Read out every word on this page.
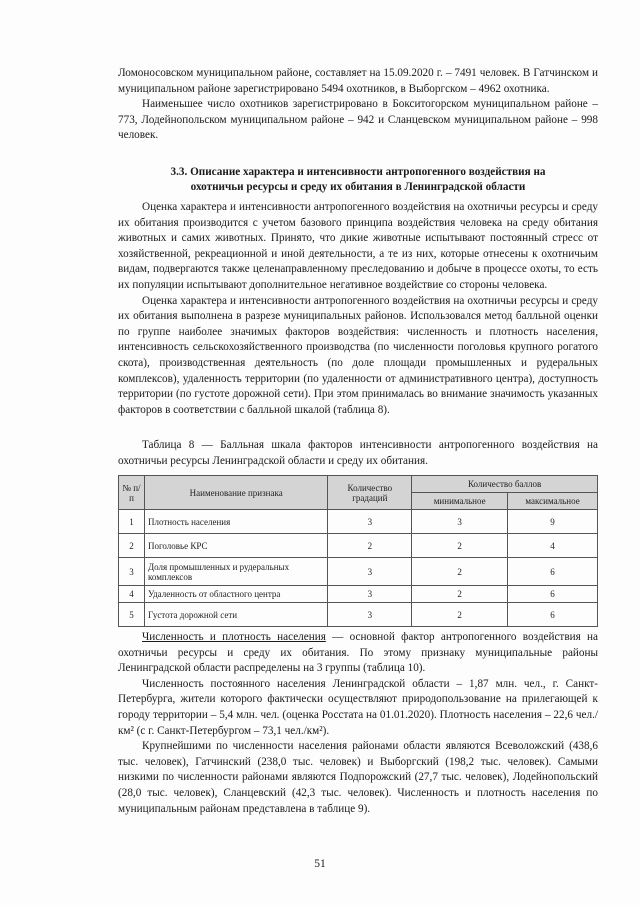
Ломоносовском муниципальном районе, составляет на 15.09.2020 г. – 7491 человек. В Гатчинском и муниципальном районе зарегистрировано 5494 охотников, в Выборгском – 4962 охотника.

Наименьшее число охотников зарегистрировано в Бокситогорском муниципальном районе – 773, Лодейнопольском муниципальном районе – 942 и Сланцевском муниципальном районе – 998 человек.

3.3. Описание характера и интенсивности антропогенного воздействия на
охотничьи ресурсы и среду их обитания в Ленинградской области

Оценка характера и интенсивности антропогенного воздействия на охотничьи ресурсы и среду их обитания производится с учетом базового принципа воздействия человека на среду обитания животных и самих животных. Принято, что дикие животные испытывают постоянный стресс от хозяйственной, рекреационной и иной деятельности, а те из них, которые отнесены к охотничьим видам, подвергаются также целенаправленному преследованию и добыче в процессе охоты, то есть их популяции испытывают дополнительное негативное воздействие со стороны человека.

Оценка характера и интенсивности антропогенного воздействия на охотничьи ресурсы и среду их обитания выполнена в разрезе муниципальных районов. Использовался метод балльной оценки по группе наиболее значимых факторов воздействия: численность и плотность населения, интенсивность сельскохозяйственного производства (по численности поголовья крупного рогатого скота), производственная деятельность (по доле площади промышленных и рудеральных комплексов), удаленность территории (по удаленности от административного центра), доступность территории (по густоте дорожной сети). При этом принималась во внимание значимость указанных факторов в соответствии с балльной шкалой (таблица 8).

Таблица 8 — Балльная шкала факторов интенсивности антропогенного воздействия на охотничьи ресурсы Ленинградской области и среду их обитания.

№ п/п	Наименование признака	Количество градаций	Количество баллов	
			минимальное	максимальное
1	Плотность населения	3	3	9
2	Поголовье КРС	2	2	4
3	Доля промышленных и рудеральных комплексов	3	2	6
4	Удаленность от областного центра	3	2	6
5	Густота дорожной сети	3	2	6

Численность и плотность населения — основной фактор антропогенного воздействия на охотничьи ресурсы и среду их обитания. По этому признаку муниципальные районы Ленинградской области распределены на 3 группы (таблица 10).

Численность постоянного населения Ленинградской области – 1,87 млн. чел., г. Санкт-Петербурга, жители которого фактически осуществляют природопользование на прилегающей к городу территории – 5,4 млн. чел. (оценка Росстата на 01.01.2020). Плотность населения – 22,6 чел./км² (с г. Санкт-Петербургом – 73,1 чел./км²).

Крупнейшими по численности населения районами области являются Всеволожский (438,6 тыс. человек), Гатчинский (238,0 тыс. человек) и Выборгский (198,2 тыс. человек). Самыми низкими по численности районами являются Подпорожский (27,7 тыс. человек), Лодейнопольский (28,0 тыс. человек), Сланцевский (42,3 тыс. человек). Численность и плотность населения по муниципальным районам представлена в таблице 9).

51
